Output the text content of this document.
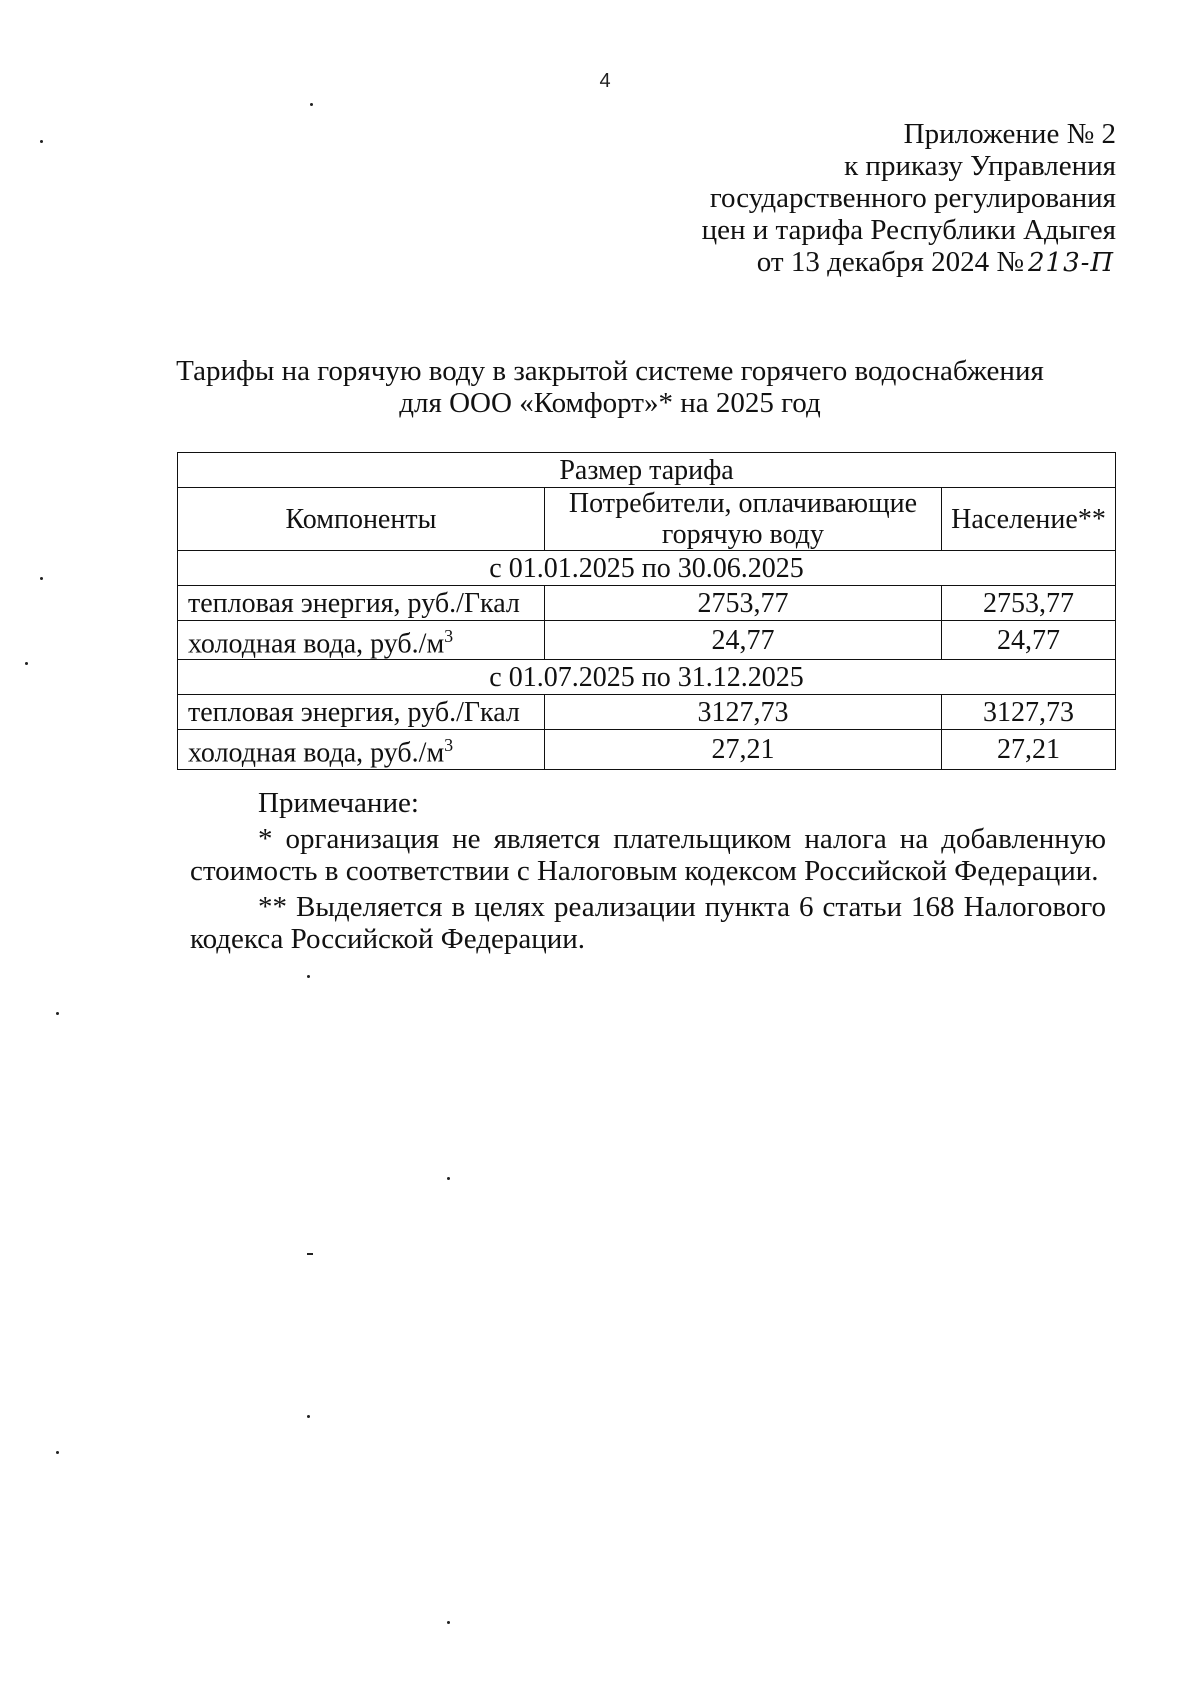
4
Приложение № 2
к приказу Управления
государственного регулирования
цен и тарифа Республики Адыгея
от 13 декабря 2024 № 213-П
Тарифы на горячую воду в закрытой системе горячего водоснабжения
для ООО «Комфорт»* на 2025 год
Размер тарифа		
Компоненты	Потребители, оплачивающие горячую воду	Население**
с 01.01.2025 по 30.06.2025		
тепловая энергия, руб./Гкал	2753,77	2753,77
холодная вода, $руб./м^3$	24,77	24,77
с 01.07.2025 по 31.12.2025		
тепловая энергия, руб./Гкал	3127,73	3127,73
холодная вода, $руб./м^3$	27,21	27,21

Примечание:

* организация не является плательщиком налога на добавленную

стоимость в соответствии с Налоговым кодексом Российской Федерации.

** Выделяется в целях реализации пункта 6 статьи 168 Налогового

кодекса Российской Федерации.
